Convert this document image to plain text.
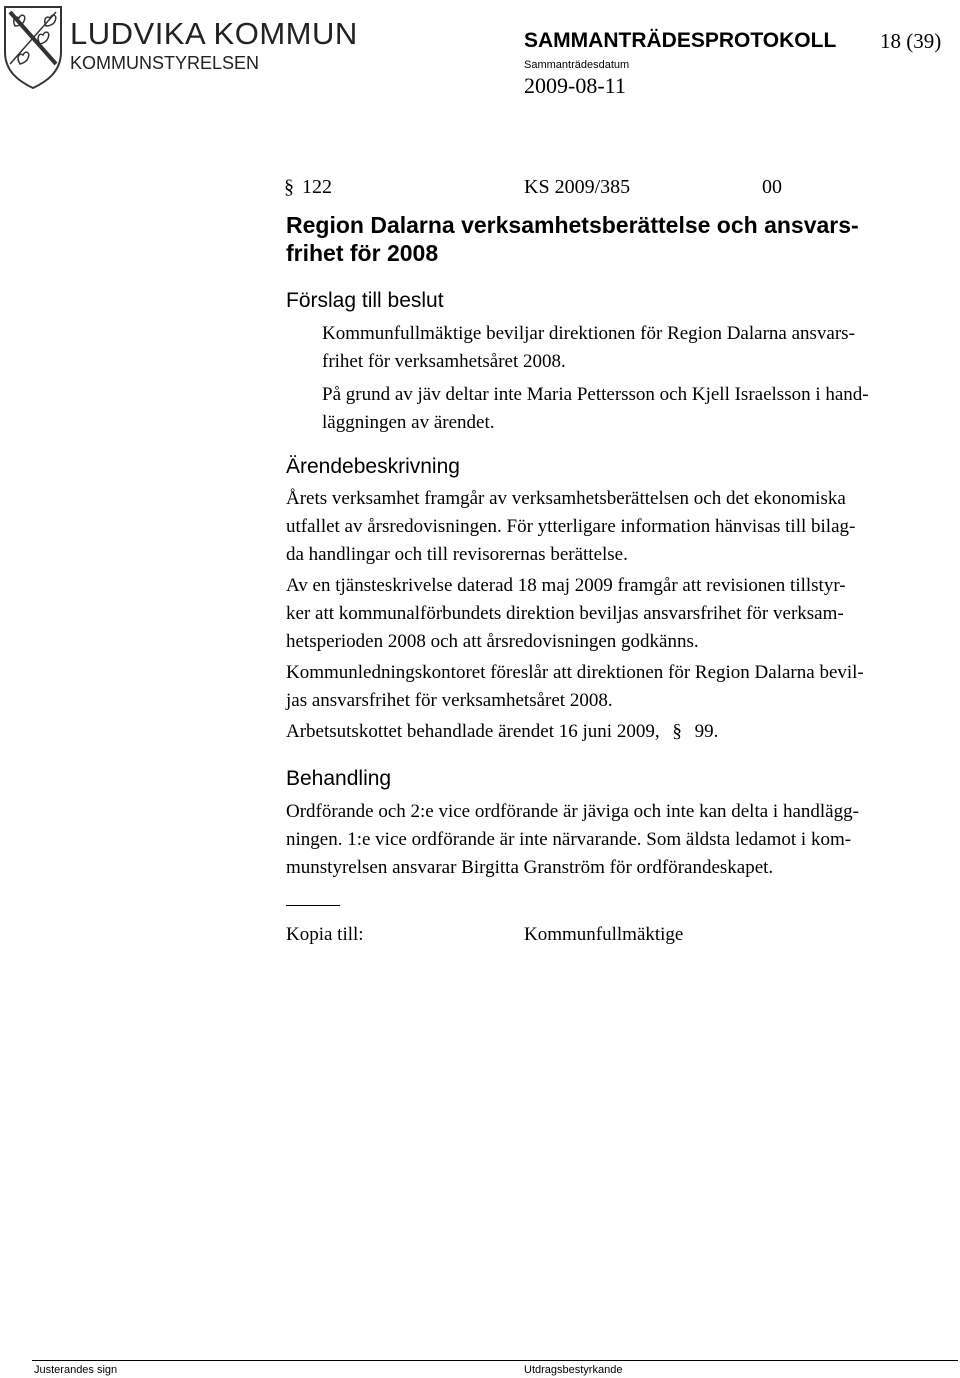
LUDVIKA KOMMUN
KOMMUNSTYRELSEN
SAMMANTRÄDESPROTOKOLL 18 (39)
Sammanträdesdatum
2009-08-11
§ 122	KS 2009/385	00
Region Dalarna verksamhetsberättelse och ansvars-
frihet för 2008
Förslag till beslut
Kommunfullmäktige beviljar direktionen för Region Dalarna ansvars-
frihet för verksamhetsåret 2008.
På grund av jäv deltar inte Maria Pettersson och Kjell Israelsson i hand-
läggningen av ärendet.
Ärendebeskrivning
Årets verksamhet framgår av verksamhetsberättelsen och det ekonomiska
utfallet av årsredovisningen. För ytterligare information hänvisas till bilag-
da handlingar och till revisorernas berättelse.
Av en tjänsteskrivelse daterad 18 maj 2009 framgår att revisionen tillstyr-
ker att kommunalförbundets direktion beviljas ansvarsfrihet för verksam-
hetsperioden 2008 och att årsredovisningen godkänns.
Kommunledningskontoret föreslår att direktionen för Region Dalarna bevil-
jas ansvarsfrihet för verksamhetsåret 2008.
Arbetsutskottet behandlade ärendet 16 juni 2009, § 99.
Behandling
Ordförande och 2:e vice ordförande är jäviga och inte kan delta i handlägg-
ningen. 1:e vice ordförande är inte närvarande. Som äldsta ledamot i kom-
munstyrelsen ansvarar Birgitta Granström för ordförandeskapet.
Kopia till:	Kommunfullmäktige
Justerandes sign	Utdragsbestyrkande
